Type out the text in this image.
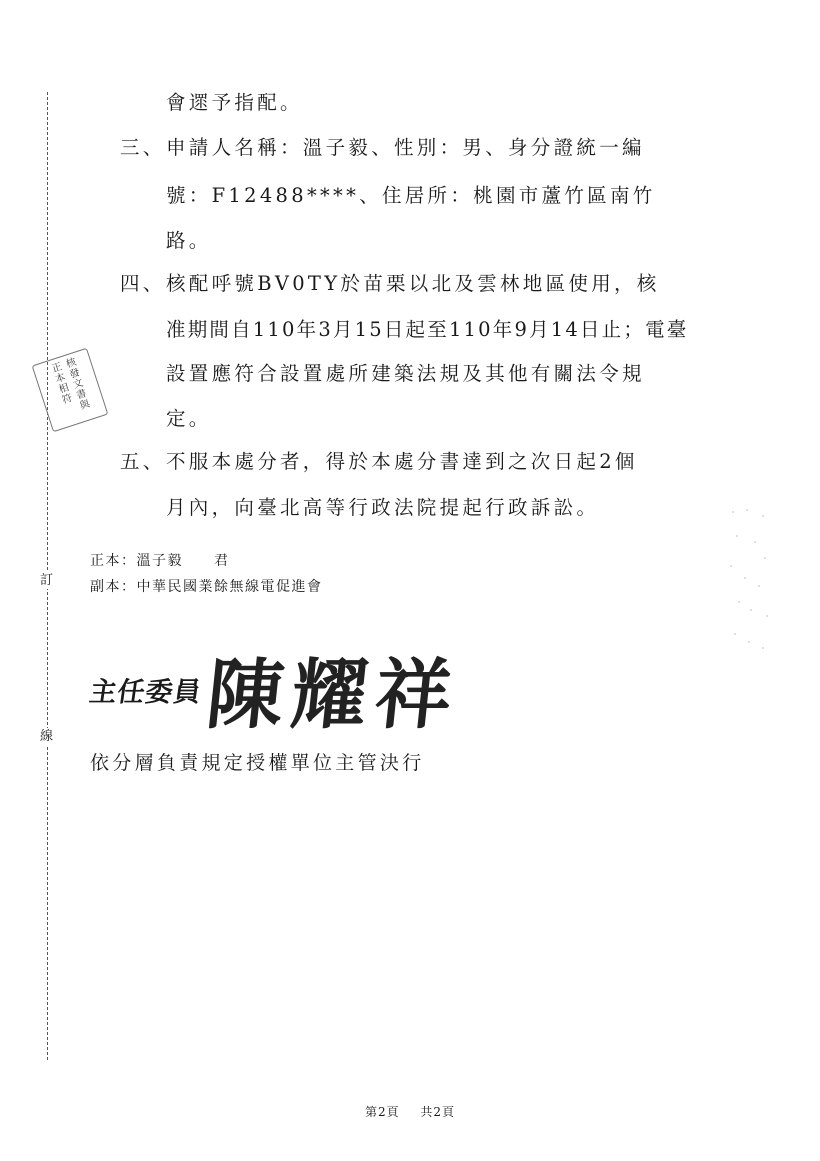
訂
線
核發文書與正本相符
會遝予指配。
三、 申請人名稱：溫子毅、性別：男、身分證統一編
號：F12488****、住居所：桃園市蘆竹區南竹
路。
四、 核配呼號BV0TY於苗栗以北及雲林地區使用，核
准期間自110年3月15日起至110年9月14日止；電臺
設置應符合設置處所建築法規及其他有關法令規
定。
五、 不服本處分者，得於本處分書達到之次日起2個
月內，向臺北高等行政法院提起行政訴訟。
正本：溫子毅　　君
副本：中華民國業餘無線電促進會
主任委員
陳耀祥
依分層負責規定授權單位主管決行
第2頁 共2頁
